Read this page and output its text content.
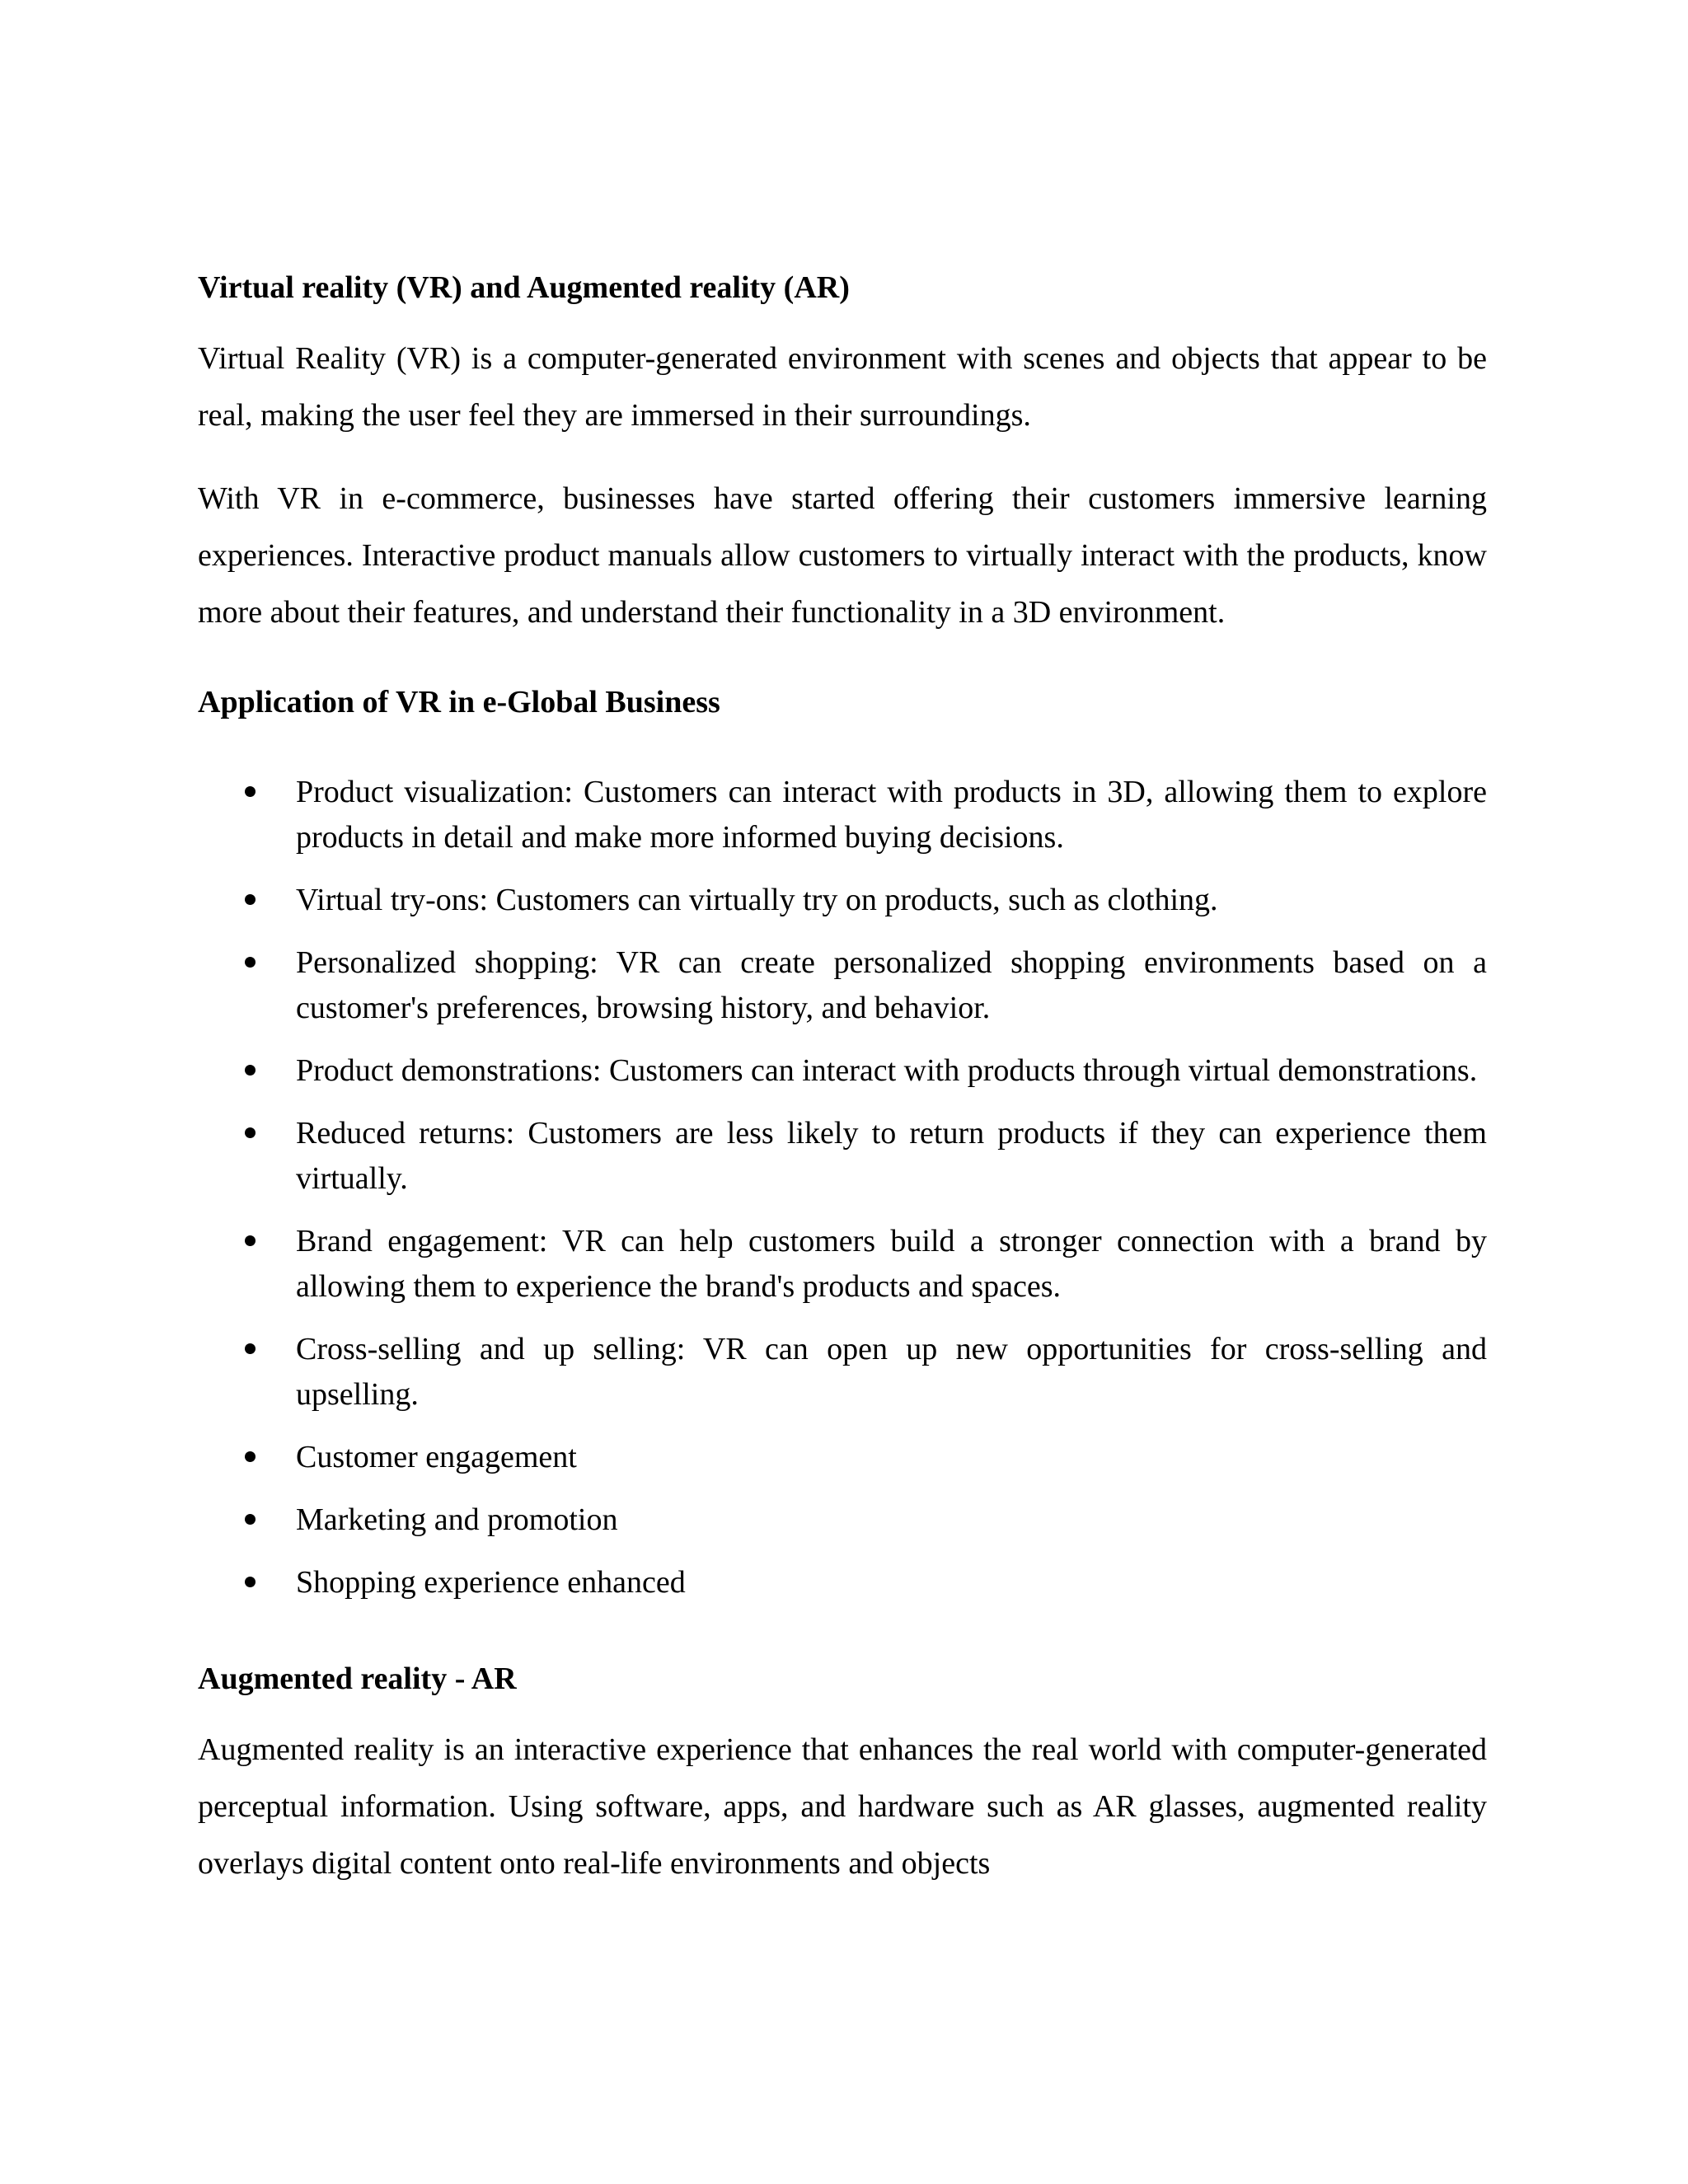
Virtual reality (VR) and Augmented reality (AR)

Virtual Reality (VR) is a computer-generated environment with scenes and objects that appear to be real, making the user feel they are immersed in their surroundings.

With VR in e-commerce, businesses have started offering their customers immersive learning experiences. Interactive product manuals allow customers to virtually interact with the products, know more about their features, and understand their functionality in a 3D environment.

Application of VR in e-Global Business
Product visualization: Customers can interact with products in 3D, allowing them to explore products in detail and make more informed buying decisions.
Virtual try-ons: Customers can virtually try on products, such as clothing.
Personalized shopping: VR can create personalized shopping environments based on a customer's preferences, browsing history, and behavior.
Product demonstrations: Customers can interact with products through virtual demonstrations.
Reduced returns: Customers are less likely to return products if they can experience them virtually.
Brand engagement: VR can help customers build a stronger connection with a brand by allowing them to experience the brand's products and spaces.
Cross-selling and up selling: VR can open up new opportunities for cross-selling and upselling.
Customer engagement
Marketing and promotion
Shopping experience enhanced
Augmented reality - AR

Augmented reality is an interactive experience that enhances the real world with computer-generated perceptual information. Using software, apps, and hardware such as AR glasses, augmented reality overlays digital content onto real-life environments and objects
